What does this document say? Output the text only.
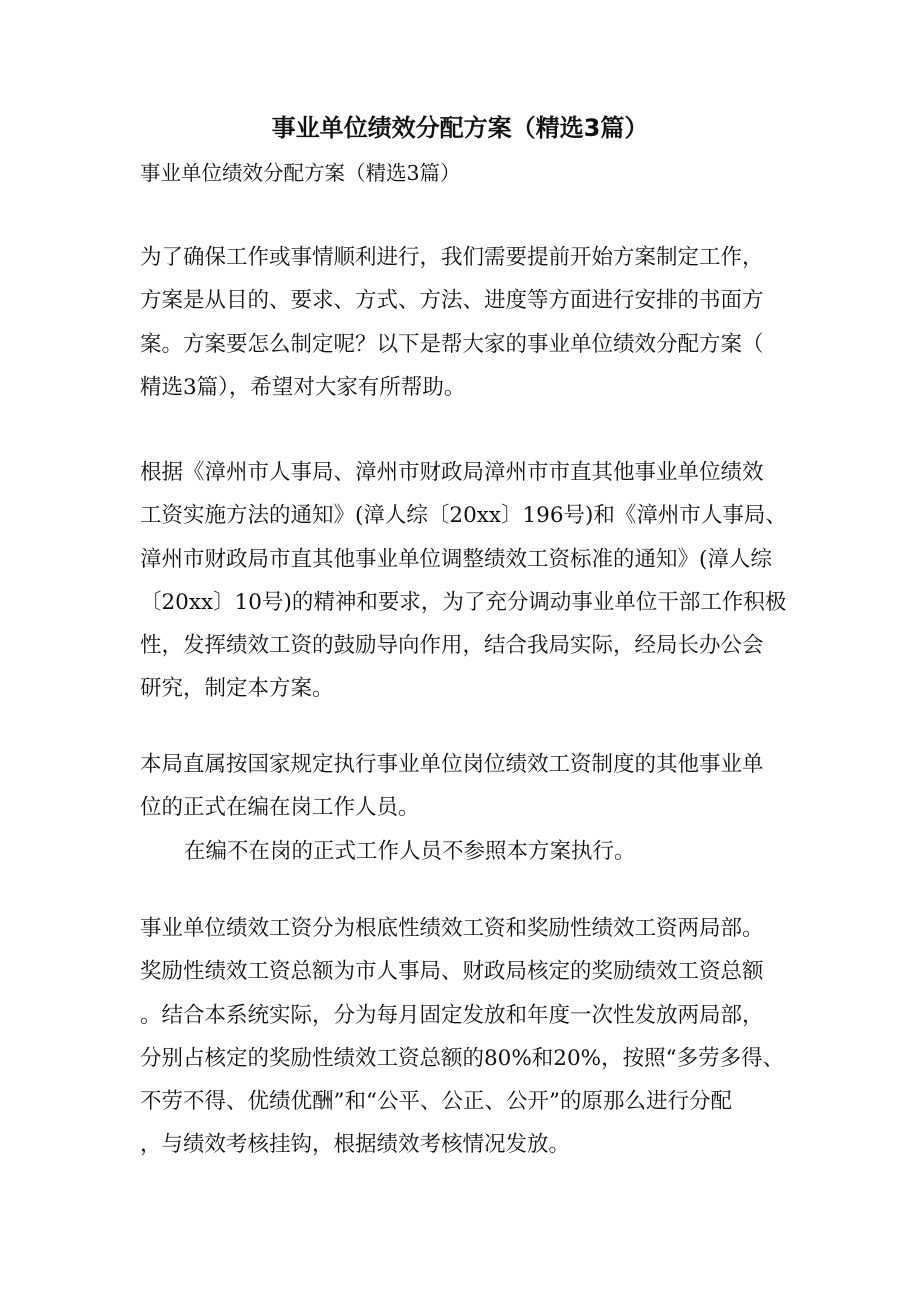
事业单位绩效分配方案（精选3篇）
事业单位绩效分配方案（精选3篇）
为了确保工作或事情顺利进行，我们需要提前开始方案制定工作，
方案是从目的、要求、方式、方法、进度等方面进行安排的书面方
案。方案要怎么制定呢？以下是帮大家的事业单位绩效分配方案（
精选3篇），希望对大家有所帮助。
根据《漳州市人事局、漳州市财政局漳州市市直其他事业单位绩效
工资实施方法的通知》(漳人综〔20xx〕196号)和《漳州市人事局、
漳州市财政局市直其他事业单位调整绩效工资标准的通知》(漳人综
〔20xx〕10号)的精神和要求，为了充分调动事业单位干部工作积极
性，发挥绩效工资的鼓励导向作用，结合我局实际，经局长办公会
研究，制定本方案。
本局直属按国家规定执行事业单位岗位绩效工资制度的其他事业单
位的正式在编在岗工作人员。
在编不在岗的正式工作人员不参照本方案执行。
事业单位绩效工资分为根底性绩效工资和奖励性绩效工资两局部。
奖励性绩效工资总额为市人事局、财政局核定的奖励绩效工资总额
。结合本系统实际，分为每月固定发放和年度一次性发放两局部，
分别占核定的奖励性绩效工资总额的80%和20%，按照“多劳多得、
不劳不得、优绩优酬”和“公平、公正、公开”的原那么进行分配
，与绩效考核挂钩，根据绩效考核情况发放。
